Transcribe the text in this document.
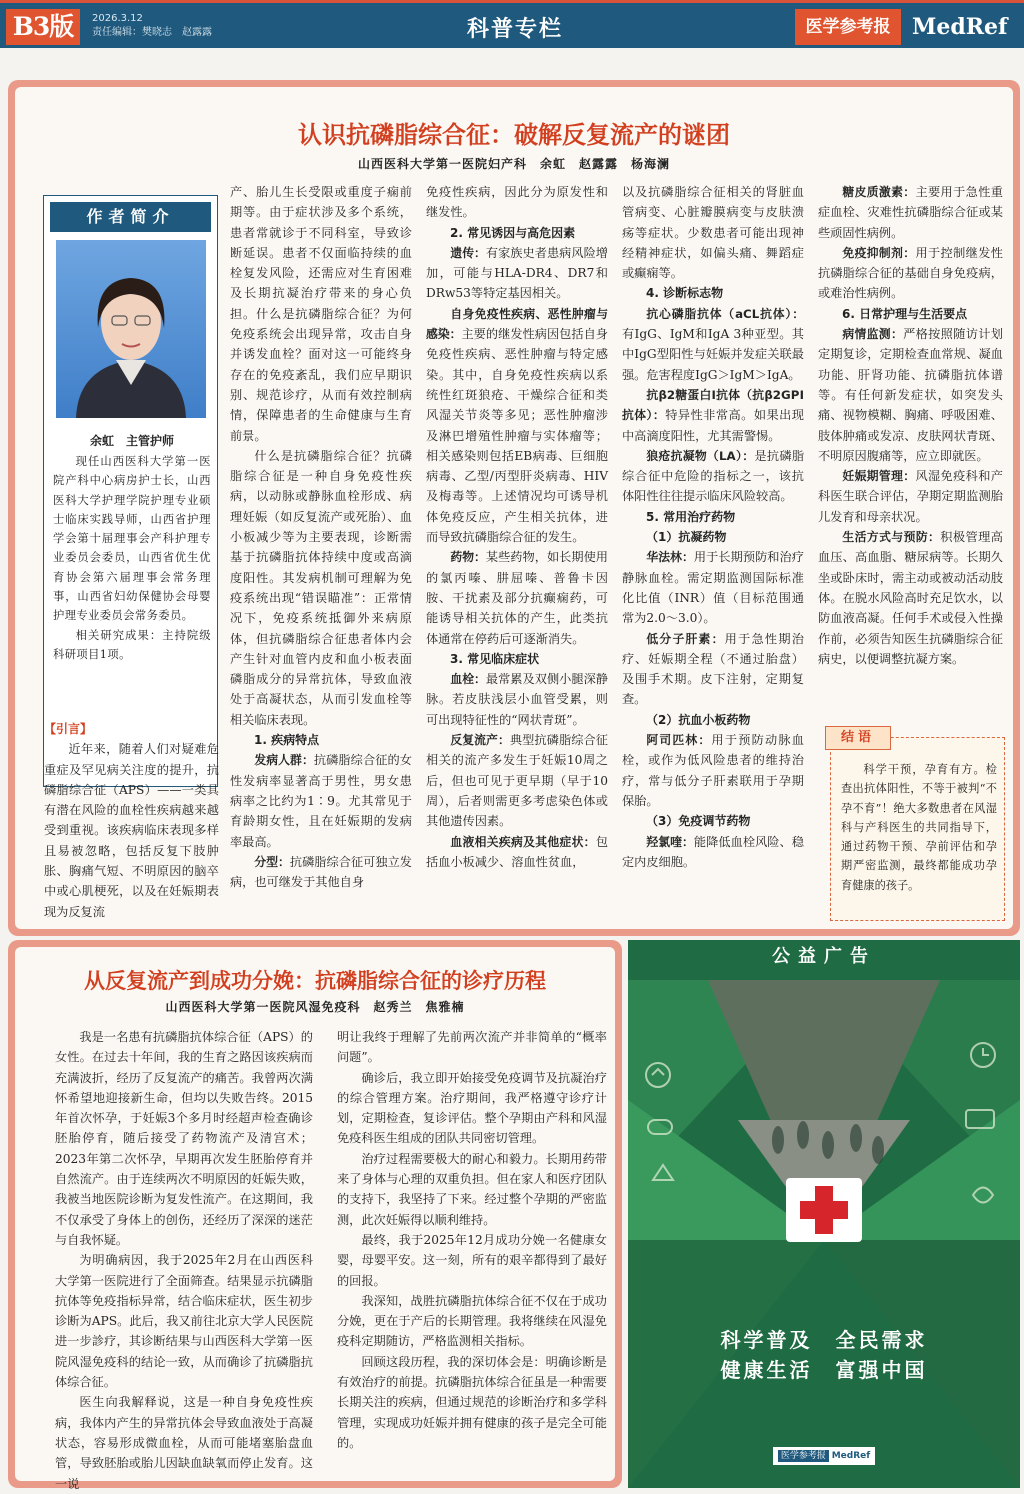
B3版	2026.3.12
责任编辑：樊晓志　赵露露	科普专栏	医学参考报 MedRef
认识抗磷脂综合征：破解反复流产的谜团
山西医科大学第一医院妇产科　余虹　赵露露　杨海澜
作者简介
余虹　主管护师

现任山西医科大学第一医院产科中心病房护士长，山西医科大学护理学院护理专业硕士临床实践导师，山西省护理学会第十届理事会产科护理专业委员会委员，山西省优生优育协会第六届理事会常务理事，山西省妇幼保健协会母婴护理专业委员会常务委员。

相关研究成果：主持院级科研项目1项。

【引言】

近年来，随着人们对疑难危重症及罕见病关注度的提升，抗磷脂综合征（APS）——一类具有潜在风险的血栓性疾病越来越受到重视。该疾病临床表现多样且易被忽略，包括反复下肢肿胀、胸痛气短、不明原因的脑卒中或心肌梗死，以及在妊娠期表现为反复流

产、胎儿生长受限或重度子痫前期等。由于症状涉及多个系统，患者常就诊于不同科室，导致诊断延误。患者不仅面临持续的血栓复发风险，还需应对生育困难及长期抗凝治疗带来的身心负担。什么是抗磷脂综合征？为何免疫系统会出现异常，攻击自身并诱发血栓？面对这一可能终身存在的免疫紊乱，我们应早期识别、规范诊疗，从而有效控制病情，保障患者的生命健康与生育前景。

什么是抗磷脂综合征？抗磷脂综合征是一种自身免疫性疾病，以动脉或静脉血栓形成、病理妊娠（如反复流产或死胎）、血小板减少等为主要表现，诊断需基于抗磷脂抗体持续中度或高滴度阳性。其发病机制可理解为免疫系统出现“错误瞄准”：正常情况下，免疫系统抵御外来病原体，但抗磷脂综合征患者体内会产生针对血管内皮和血小板表面磷脂成分的异常抗体，导致血液处于高凝状态，从而引发血栓等相关临床表现。

1. 疾病特点

发病人群：抗磷脂综合征的女性发病率显著高于男性，男女患病率之比约为1∶9。尤其常见于育龄期女性，且在妊娠期的发病率最高。

分型：抗磷脂综合征可独立发病，也可继发于其他自身

免疫性疾病，因此分为原发性和继发性。

2. 常见诱因与高危因素

遗传：有家族史者患病风险增加，可能与HLA-DR4、DR7和DRw53等特定基因相关。

自身免疫性疾病、恶性肿瘤与感染：主要的继发性病因包括自身免疫性疾病、恶性肿瘤与特定感染。其中，自身免疫性疾病以系统性红斑狼疮、干燥综合征和类风湿关节炎等多见；恶性肿瘤涉及淋巴增殖性肿瘤与实体瘤等；相关感染则包括EB病毒、巨细胞病毒、乙型/丙型肝炎病毒、HIV及梅毒等。上述情况均可诱导机体免疫反应，产生相关抗体，进而导致抗磷脂综合征的发生。

药物：某些药物，如长期使用的氯丙嗪、肼屈嗪、普鲁卡因胺、干扰素及部分抗癫痫药，可能诱导相关抗体的产生，此类抗体通常在停药后可逐渐消失。

3. 常见临床症状

血栓：最常累及双侧小腿深静脉。若皮肤浅层小血管受累，则可出现特征性的“网状青斑”。

反复流产：典型抗磷脂综合征相关的流产多发生于妊娠10周之后，但也可见于更早期（早于10周），后者则需更多考虑染色体或其他遗传因素。

血液相关疾病及其他症状：包括血小板减少、溶血性贫血，

以及抗磷脂综合征相关的肾脏血管病变、心脏瓣膜病变与皮肤溃疡等症状。少数患者可能出现神经精神症状，如偏头痛、舞蹈症或癫痫等。

4. 诊断标志物

抗心磷脂抗体（aCL抗体）：有IgG、IgM和IgA 3种亚型。其中IgG型阳性与妊娠并发症关联最强。危害程度IgG＞IgM＞IgA。

抗β2糖蛋白Ⅰ抗体（抗β2GPⅠ抗体）：特异性非常高。如果出现中高滴度阳性，尤其需警惕。

狼疮抗凝物（LA）：是抗磷脂综合征中危险的指标之一，该抗体阳性往往提示临床风险较高。

5. 常用治疗药物
（1）抗凝药物

华法林：用于长期预防和治疗静脉血栓。需定期监测国际标准化比值（INR）值（目标范围通常为2.0～3.0）。

低分子肝素：用于急性期治疗、妊娠期全程（不通过胎盘）及围手术期。皮下注射，定期复查。

（2）抗血小板药物

阿司匹林：用于预防动脉血栓，或作为低风险患者的维持治疗，常与低分子肝素联用于孕期保胎。

（3）免疫调节药物

羟氯喹：能降低血栓风险、稳定内皮细胞。

糖皮质激素：主要用于急性重症血栓、灾难性抗磷脂综合征或某些顽固性病例。

免疫抑制剂：用于控制继发性抗磷脂综合征的基础自身免疫病，或难治性病例。

6. 日常护理与生活要点

病情监测：严格按照随访计划定期复诊，定期检查血常规、凝血功能、肝肾功能、抗磷脂抗体谱等。有任何新发症状，如突发头痛、视物模糊、胸痛、呼吸困难、肢体肿痛或发凉、皮肤网状青斑、不明原因腹痛等，应立即就医。

妊娠期管理：风湿免疫科和产科医生联合评估，孕期定期监测胎儿发育和母亲状况。

生活方式与预防：积极管理高血压、高血脂、糖尿病等。长期久坐或卧床时，需主动或被动活动肢体。在脱水风险高时充足饮水，以防血液高凝。任何手术或侵入性操作前，必须告知医生抗磷脂综合征病史，以便调整抗凝方案。

结语

科学干预，孕育有方。检查出抗体阳性，不等于被判“不孕不育”！绝大多数患者在风湿科与产科医生的共同指导下，通过药物干预、孕前评估和孕期严密监测，最终都能成功孕育健康的孩子。

从反复流产到成功分娩：抗磷脂综合征的诊疗历程
山西医科大学第一医院风湿免疫科　赵秀兰　焦雅楠

我是一名患有抗磷脂抗体综合征（APS）的女性。在过去十年间，我的生育之路因该疾病而充满波折，经历了反复流产的痛苦。我曾两次满怀希望地迎接新生命，但均以失败告终。2015年首次怀孕，于妊娠3个多月时经超声检查确诊胚胎停育，随后接受了药物流产及清宫术；2023年第二次怀孕，早期再次发生胚胎停育并自然流产。由于连续两次不明原因的妊娠失败，我被当地医院诊断为复发性流产。在这期间，我不仅承受了身体上的创伤，还经历了深深的迷茫与自我怀疑。

为明确病因，我于2025年2月在山西医科大学第一医院进行了全面筛查。结果显示抗磷脂抗体等免疫指标异常，结合临床症状，医生初步诊断为APS。此后，我又前往北京大学人民医院进一步診疗，其诊断结果与山西医科大学第一医院风湿免疫科的结论一致，从而确诊了抗磷脂抗体综合征。

医生向我解释说，这是一种自身免疫性疾病，我体内产生的异常抗体会导致血液处于高凝状态，容易形成微血栓，从而可能堵塞胎盘血管，导致胚胎或胎儿因缺血缺氧而停止发育。这一说

明让我终于理解了先前两次流产并非简单的“概率问题”。

确诊后，我立即开始接受免疫调节及抗凝治疗的综合管理方案。治疗期间，我严格遵守诊疗计划，定期检查，复诊评估。整个孕期由产科和风湿免疫科医生组成的团队共同密切管理。

治疗过程需要极大的耐心和毅力。长期用药带来了身体与心理的双重负担。但在家人和医疗团队的支持下，我坚持了下来。经过整个孕期的严密监测，此次妊娠得以顺利维持。

最终，我于2025年12月成功分娩一名健康女婴，母婴平安。这一刻，所有的艰辛都得到了最好的回报。

我深知，战胜抗磷脂抗体综合征不仅在于成功分娩，更在于产后的长期管理。我将继续在风湿免疫科定期随访，严格监测相关指标。

回顾这段历程，我的深切体会是：明确诊断是有效治疗的前提。抗磷脂抗体综合征虽是一种需要长期关注的疾病，但通过规范的诊断治疗和多学科管理，实现成功妊娠并拥有健康的孩子是完全可能的。

公益广告
科学普及　全民需求
健康生活　富强中国
医学参考报 MedRef
